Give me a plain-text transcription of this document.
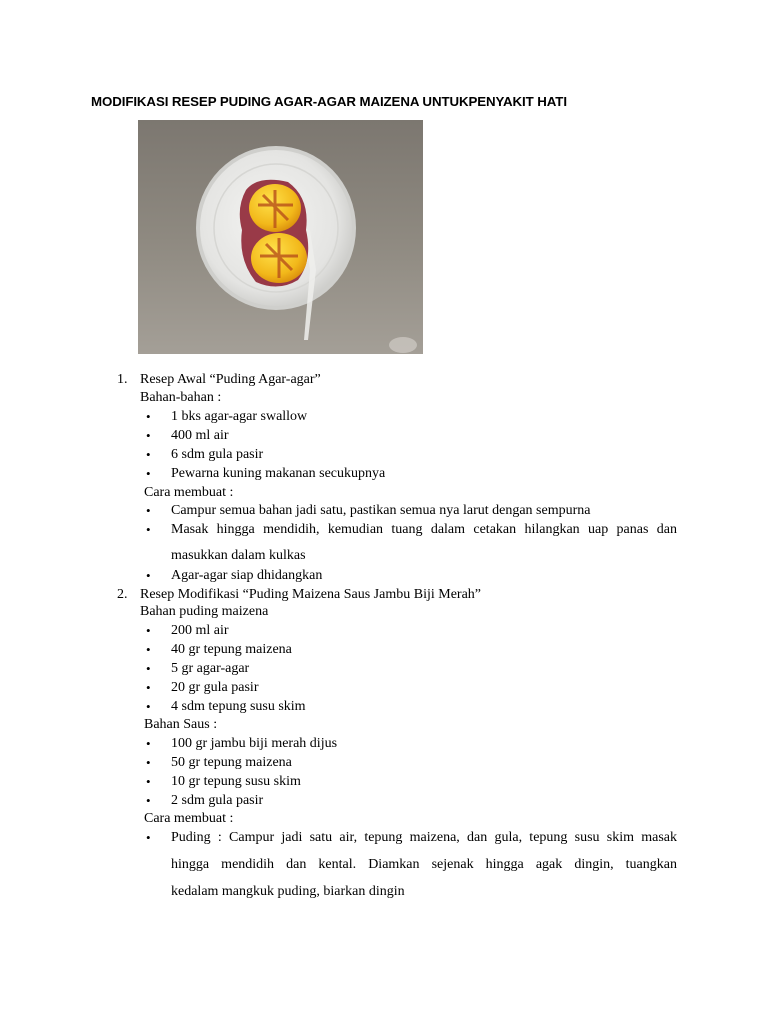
MODIFIKASI RESEP PUDING AGAR-AGAR MAIZENA UNTUKPENYAKIT HATI
1. Resep Awal “Puding Agar-agar”
Bahan-bahan :
• 1 bks agar-agar swallow
• 400 ml air
• 6 sdm gula pasir
• Pewarna kuning makanan secukupnya
Cara membuat :
• Campur semua bahan jadi satu, pastikan semua nya larut dengan sempurna
• Masak hingga mendidih, kemudian tuang dalam cetakan hilangkan uap panas dan
masukkan dalam kulkas
• Agar-agar siap dhidangkan
2. Resep Modifikasi “Puding Maizena Saus Jambu Biji Merah”
Bahan puding maizena
• 200 ml air
• 40 gr tepung maizena
• 5 gr agar-agar
• 20 gr gula pasir
• 4 sdm tepung susu skim
Bahan Saus :
• 100 gr jambu biji merah dijus
• 50 gr tepung maizena
• 10 gr tepung susu skim
• 2 sdm gula pasir
Cara membuat :
• Puding : Campur jadi satu air, tepung maizena, dan gula, tepung susu skim masak
hingga mendidih dan kental. Diamkan sejenak hingga agak dingin, tuangkan
kedalam mangkuk puding, biarkan dingin
